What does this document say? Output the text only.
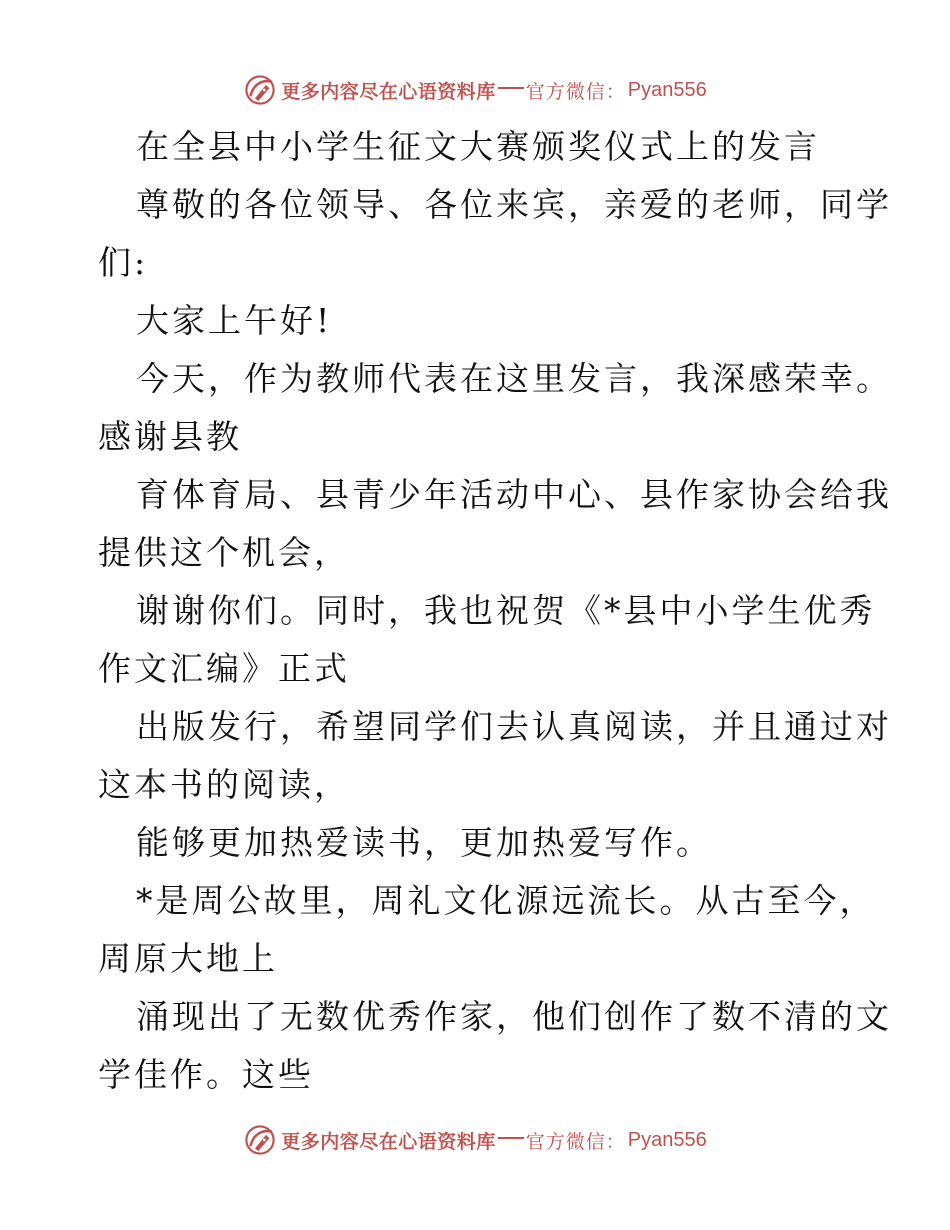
更多内容尽在心语资料库 官方微信： Pyan556

在全县中小学生征文大赛颁奖仪式上的发言

尊敬的各位领导、各位来宾，亲爱的老师，同学

们:

大家上午好!

今天，作为教师代表在这里发言，我深感荣幸。

感谢县教

育体育局、县青少年活动中心、县作家协会给我

提供这个机会，

谢谢你们。同时，我也祝贺《*县中小学生优秀

作文汇编》正式

出版发行，希望同学们去认真阅读，并且通过对

这本书的阅读，

能够更加热爱读书，更加热爱写作。

*是周公故里，周礼文化源远流长。从古至今，

周原大地上

涌现出了无数优秀作家，他们创作了数不清的文

学佳作。这些

更多内容尽在心语资料库 官方微信： Pyan556
